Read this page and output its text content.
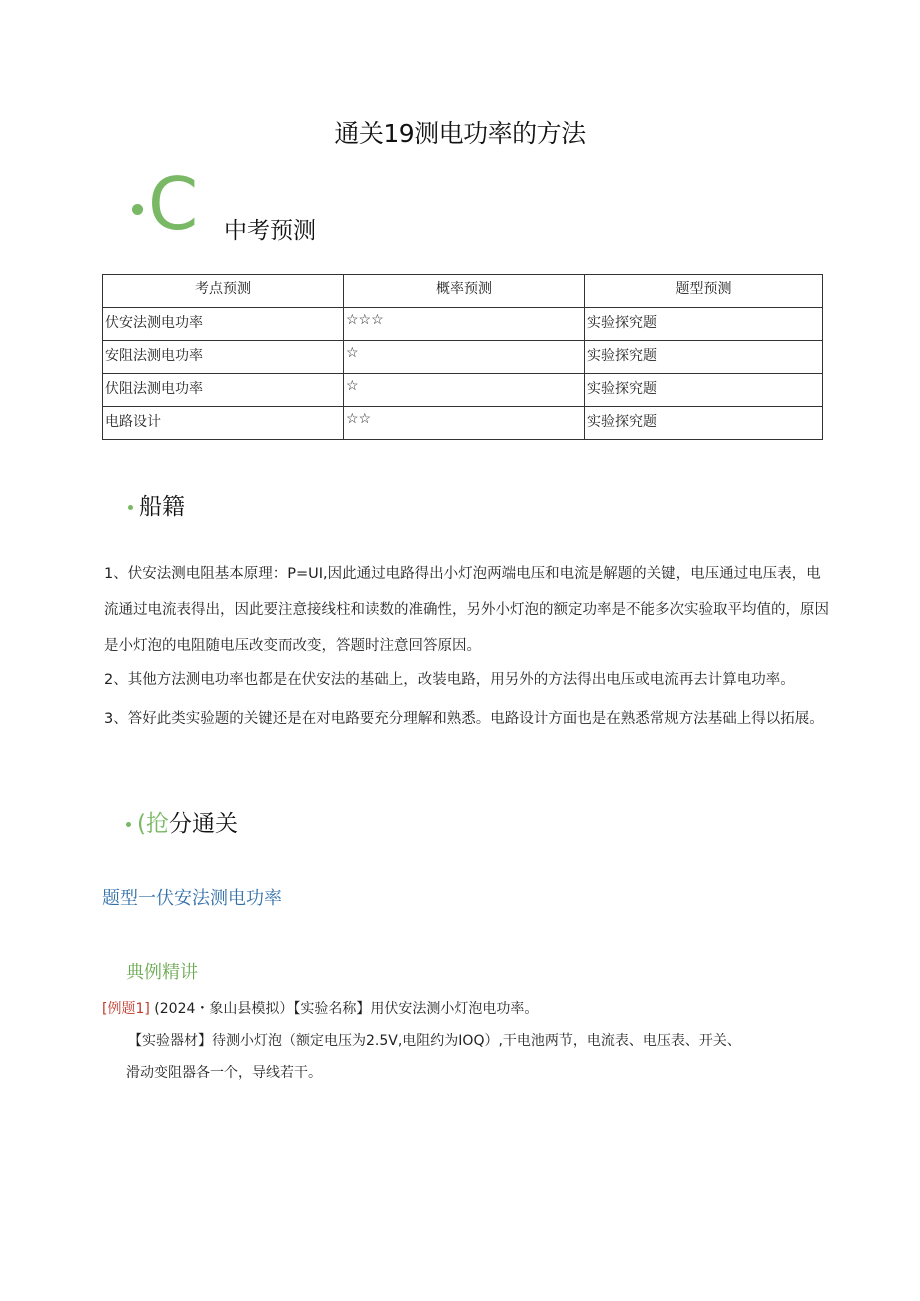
通关19测电功率的方法
C 中考预测
考点预测	概率预测	题型预测
伏安法测电功率	☆☆☆	实验探究题
安阻法测电功率	☆	实验探究题
伏阻法测电功率	☆	实验探究题
电路设计	☆☆	实验探究题
船籍

1、伏安法测电阻基本原理：P=UI,因此通过电路得出小灯泡两端电压和电流是解题的关键，电压通过电压表，电流通过电流表得出，因此要注意接线柱和读数的准确性，另外小灯泡的额定功率是不能多次实验取平均值的，原因是小灯泡的电阻随电压改变而改变，答题时注意回答原因。

2、其他方法测电功率也都是在伏安法的基础上，改装电路，用另外的方法得出电压或电流再去计算电功率。

3、答好此类实验题的关键还是在对电路要充分理解和熟悉。电路设计方面也是在熟悉常规方法基础上得以拓展。

(抢分通关
题型一伏安法测电功率
典例精讲
[例题1] (2024・象山县模拟）【实验名称】用伏安法测小灯泡电功率。
【实验器材】待测小灯泡（额定电压为2.5V,电阻约为IOQ）,干电池两节，电流表、电压表、开关、
滑动变阻器各一个，导线若干。
